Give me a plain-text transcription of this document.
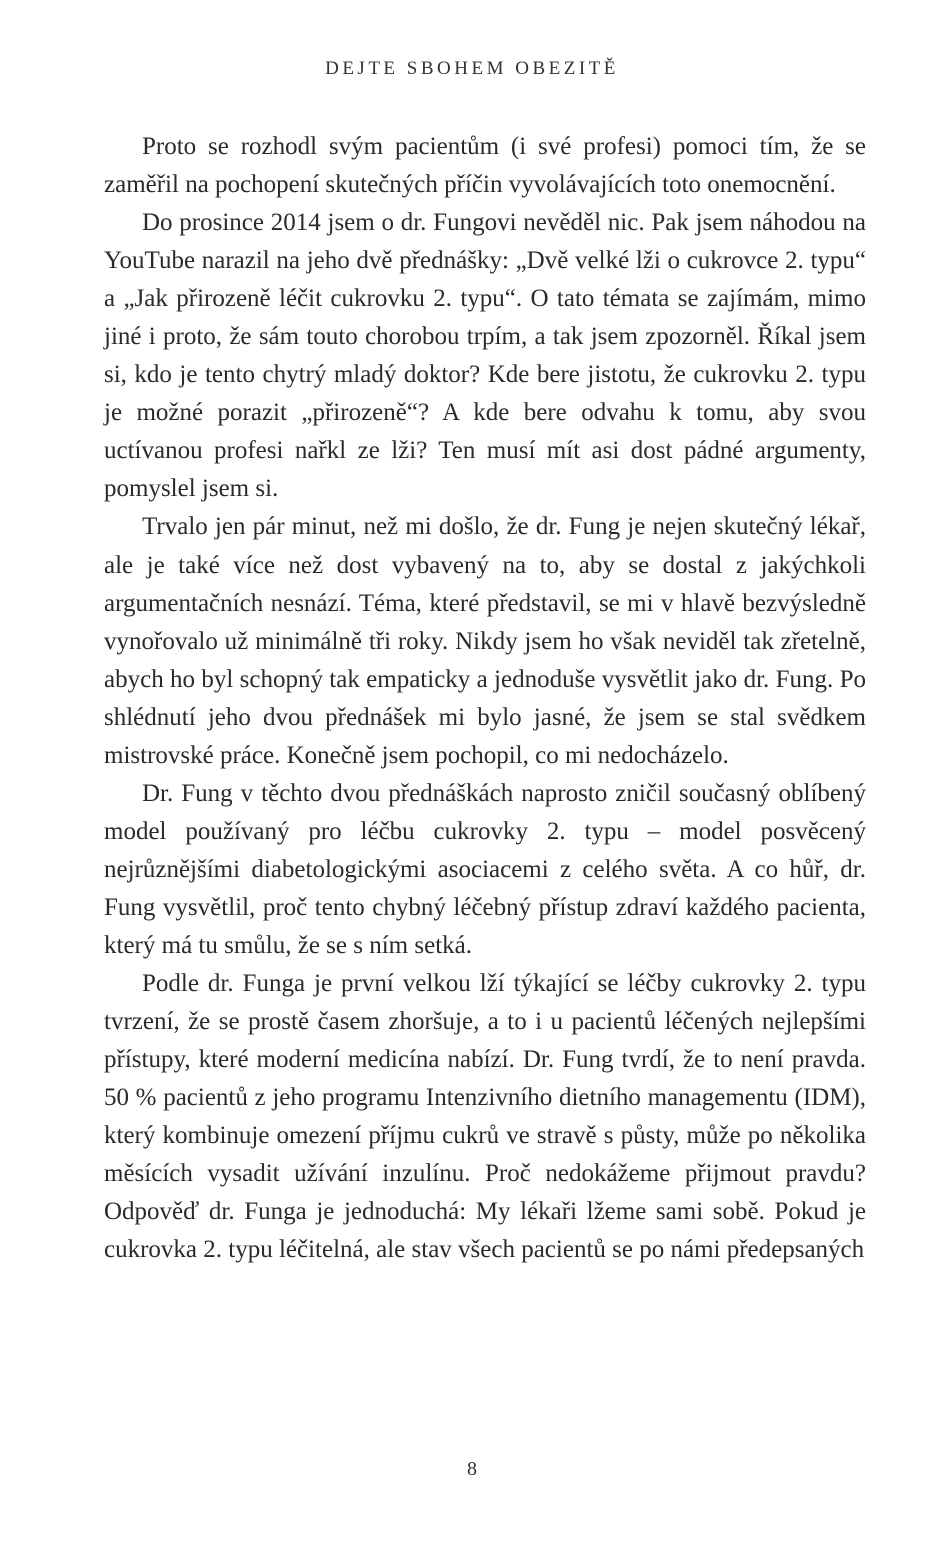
DEJTE SBOHEM OBEZITĚ

Proto se rozhodl svým pacientům (i své profesi) pomoci tím, že se zaměřil na pochopení skutečných příčin vyvolávajících toto onemocnění.

Do prosince 2014 jsem o dr. Fungovi nevěděl nic. Pak jsem náhodou na YouTube narazil na jeho dvě přednášky: „Dvě velké lži o cukrovce 2. typu“ a „Jak přirozeně léčit cukrovku 2. typu“. O tato témata se zajímám, mimo jiné i proto, že sám touto chorobou trpím, a tak jsem zpozorněl. Říkal jsem si, kdo je tento chytrý mladý doktor? Kde bere jistotu, že cukrovku 2. typu je možné porazit „přirozeně“? A kde bere odvahu k tomu, aby svou uctívanou profesi nařkl ze lži? Ten musí mít asi dost pádné argumenty, pomyslel jsem si.

Trvalo jen pár minut, než mi došlo, že dr. Fung je nejen skutečný lékař, ale je také více než dost vybavený na to, aby se dostal z jakýchkoli argumentačních nesnází. Téma, které představil, se mi v hlavě bezvýsledně vynořovalo už minimálně tři roky. Nikdy jsem ho však neviděl tak zřetelně, abych ho byl schopný tak empaticky a jednoduše vysvětlit jako dr. Fung. Po shlédnutí jeho dvou přednášek mi bylo jasné, že jsem se stal svědkem mistrovské práce. Konečně jsem pochopil, co mi nedocházelo.

Dr. Fung v těchto dvou přednáškách naprosto zničil současný oblíbený model používaný pro léčbu cukrovky 2. typu – model posvěcený nejrůznějšími diabetologickými asociacemi z celého světa. A co hůř, dr. Fung vysvětlil, proč tento chybný léčebný přístup zdraví každého pacienta, který má tu smůlu, že se s ním setká.

Podle dr. Funga je první velkou lží týkající se léčby cukrovky 2. typu tvrzení, že se prostě časem zhoršuje, a to i u pacientů léčených nejlepšími přístupy, které moderní medicína nabízí. Dr. Fung tvrdí, že to není pravda. 50 % pacientů z jeho programu Intenzivního dietního managementu (IDM), který kombinuje omezení příjmu cukrů ve stravě s půsty, může po několika měsících vysadit užívání inzulínu. Proč nedokážeme přijmout pravdu? Odpověď dr. Funga je jednoduchá: My lékaři lžeme sami sobě. Pokud je cukrovka 2. typu léčitelná, ale stav všech pacientů se po námi předepsaných

8
